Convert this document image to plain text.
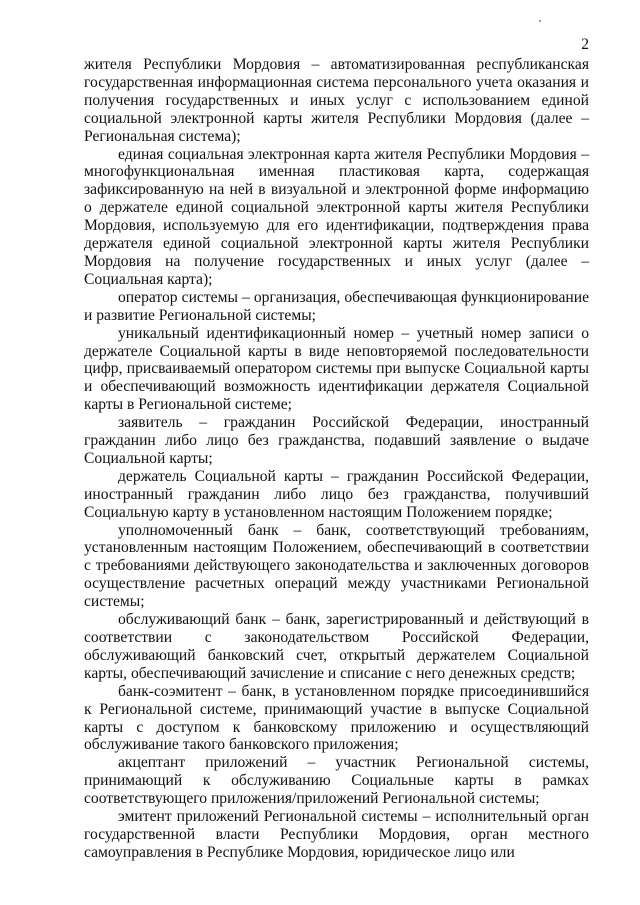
2

жителя Республики Мордовия – автоматизированная республиканская государственная информационная система персонального учета оказания и получения государственных и иных услуг с использованием единой социальной электронной карты жителя Республики Мордовия (далее – Региональная система);

единая социальная электронная карта жителя Республики Мордовия – многофункциональная именная пластиковая карта, содержащая зафиксированную на ней в визуальной и электронной форме информацию о держателе единой социальной электронной карты жителя Республики Мордовия, используемую для его идентификации, подтверждения права держателя единой социальной электронной карты жителя Республики Мордовия на получение государственных и иных услуг (далее – Социальная карта);

оператор системы – организация, обеспечивающая функционирование и развитие Региональной системы;

уникальный идентификационный номер – учетный номер записи о держателе Социальной карты в виде неповторяемой последовательности цифр, присваиваемый оператором системы при выпуске Социальной карты и обеспечивающий возможность идентификации держателя Социальной карты в Региональной системе;

заявитель – гражданин Российской Федерации, иностранный гражданин либо лицо без гражданства, подавший заявление о выдаче Социальной карты;

держатель Социальной карты – гражданин Российской Федерации, иностранный гражданин либо лицо без гражданства, получивший Социальную карту в установленном настоящим Положением порядке;

уполномоченный банк – банк, соответствующий требованиям, установленным настоящим Положением, обеспечивающий в соответствии с требованиями действующего законодательства и заключенных договоров осуществление расчетных операций между участниками Региональной системы;

обслуживающий банк – банк, зарегистрированный и действующий в соответствии с законодательством Российской Федерации, обслуживающий банковский счет, открытый держателем Социальной карты, обеспечивающий зачисление и списание с него денежных средств;

банк-соэмитент – банк, в установленном порядке присоединившийся к Региональной системе, принимающий участие в выпуске Социальной карты с доступом к банковскому приложению и осуществляющий обслуживание такого банковского приложения;

акцептант приложений – участник Региональной системы, принимающий к обслуживанию Социальные карты в рамках соответствующего приложения/приложений Региональной системы;

эмитент приложений Региональной системы – исполнительный орган государственной власти Республики Мордовия, орган местного самоуправления в Республике Мордовия, юридическое лицо или
